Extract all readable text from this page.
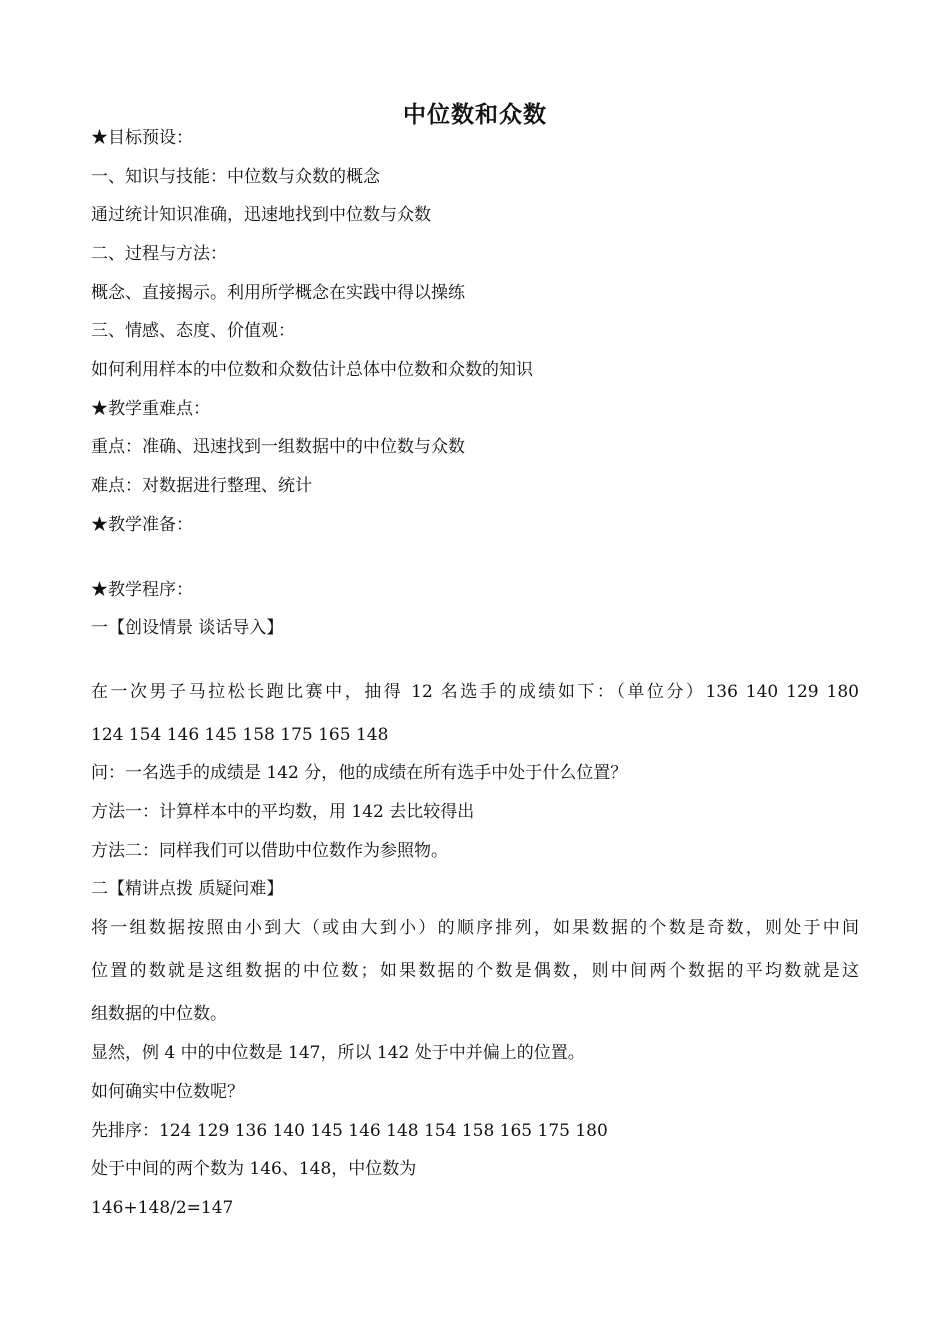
中位数和众数
★目标预设：
一、知识与技能：中位数与众数的概念
通过统计知识准确，迅速地找到中位数与众数
二、过程与方法：
概念、直接揭示。利用所学概念在实践中得以操练
三、情感、态度、价值观：
如何利用样本的中位数和众数估计总体中位数和众数的知识
★教学重难点：
重点：准确、迅速找到一组数据中的中位数与众数
难点：对数据进行整理、统计
★教学准备：
★教学程序：
一【创设情景 谈话导入】
在一次男子马拉松长跑比赛中，抽得 12 名选手的成绩如下：（单位分）136 140 129 180
124 154 146 145 158 175 165 148
问：一名选手的成绩是 142 分，他的成绩在所有选手中处于什么位置？
方法一：计算样本中的平均数，用 142 去比较得出
方法二：同样我们可以借助中位数作为参照物。
二【精讲点拨 质疑问难】
将一组数据按照由小到大（或由大到小）的顺序排列，如果数据的个数是奇数，则处于中间
位置的数就是这组数据的中位数；如果数据的个数是偶数，则中间两个数据的平均数就是这
组数据的中位数。
显然，例 4 中的中位数是 147，所以 142 处于中并偏上的位置。
如何确实中位数呢？
先排序：124 129 136 140 145 146 148 154 158 165 175 180
处于中间的两个数为 146、148，中位数为
146+148/2=147
